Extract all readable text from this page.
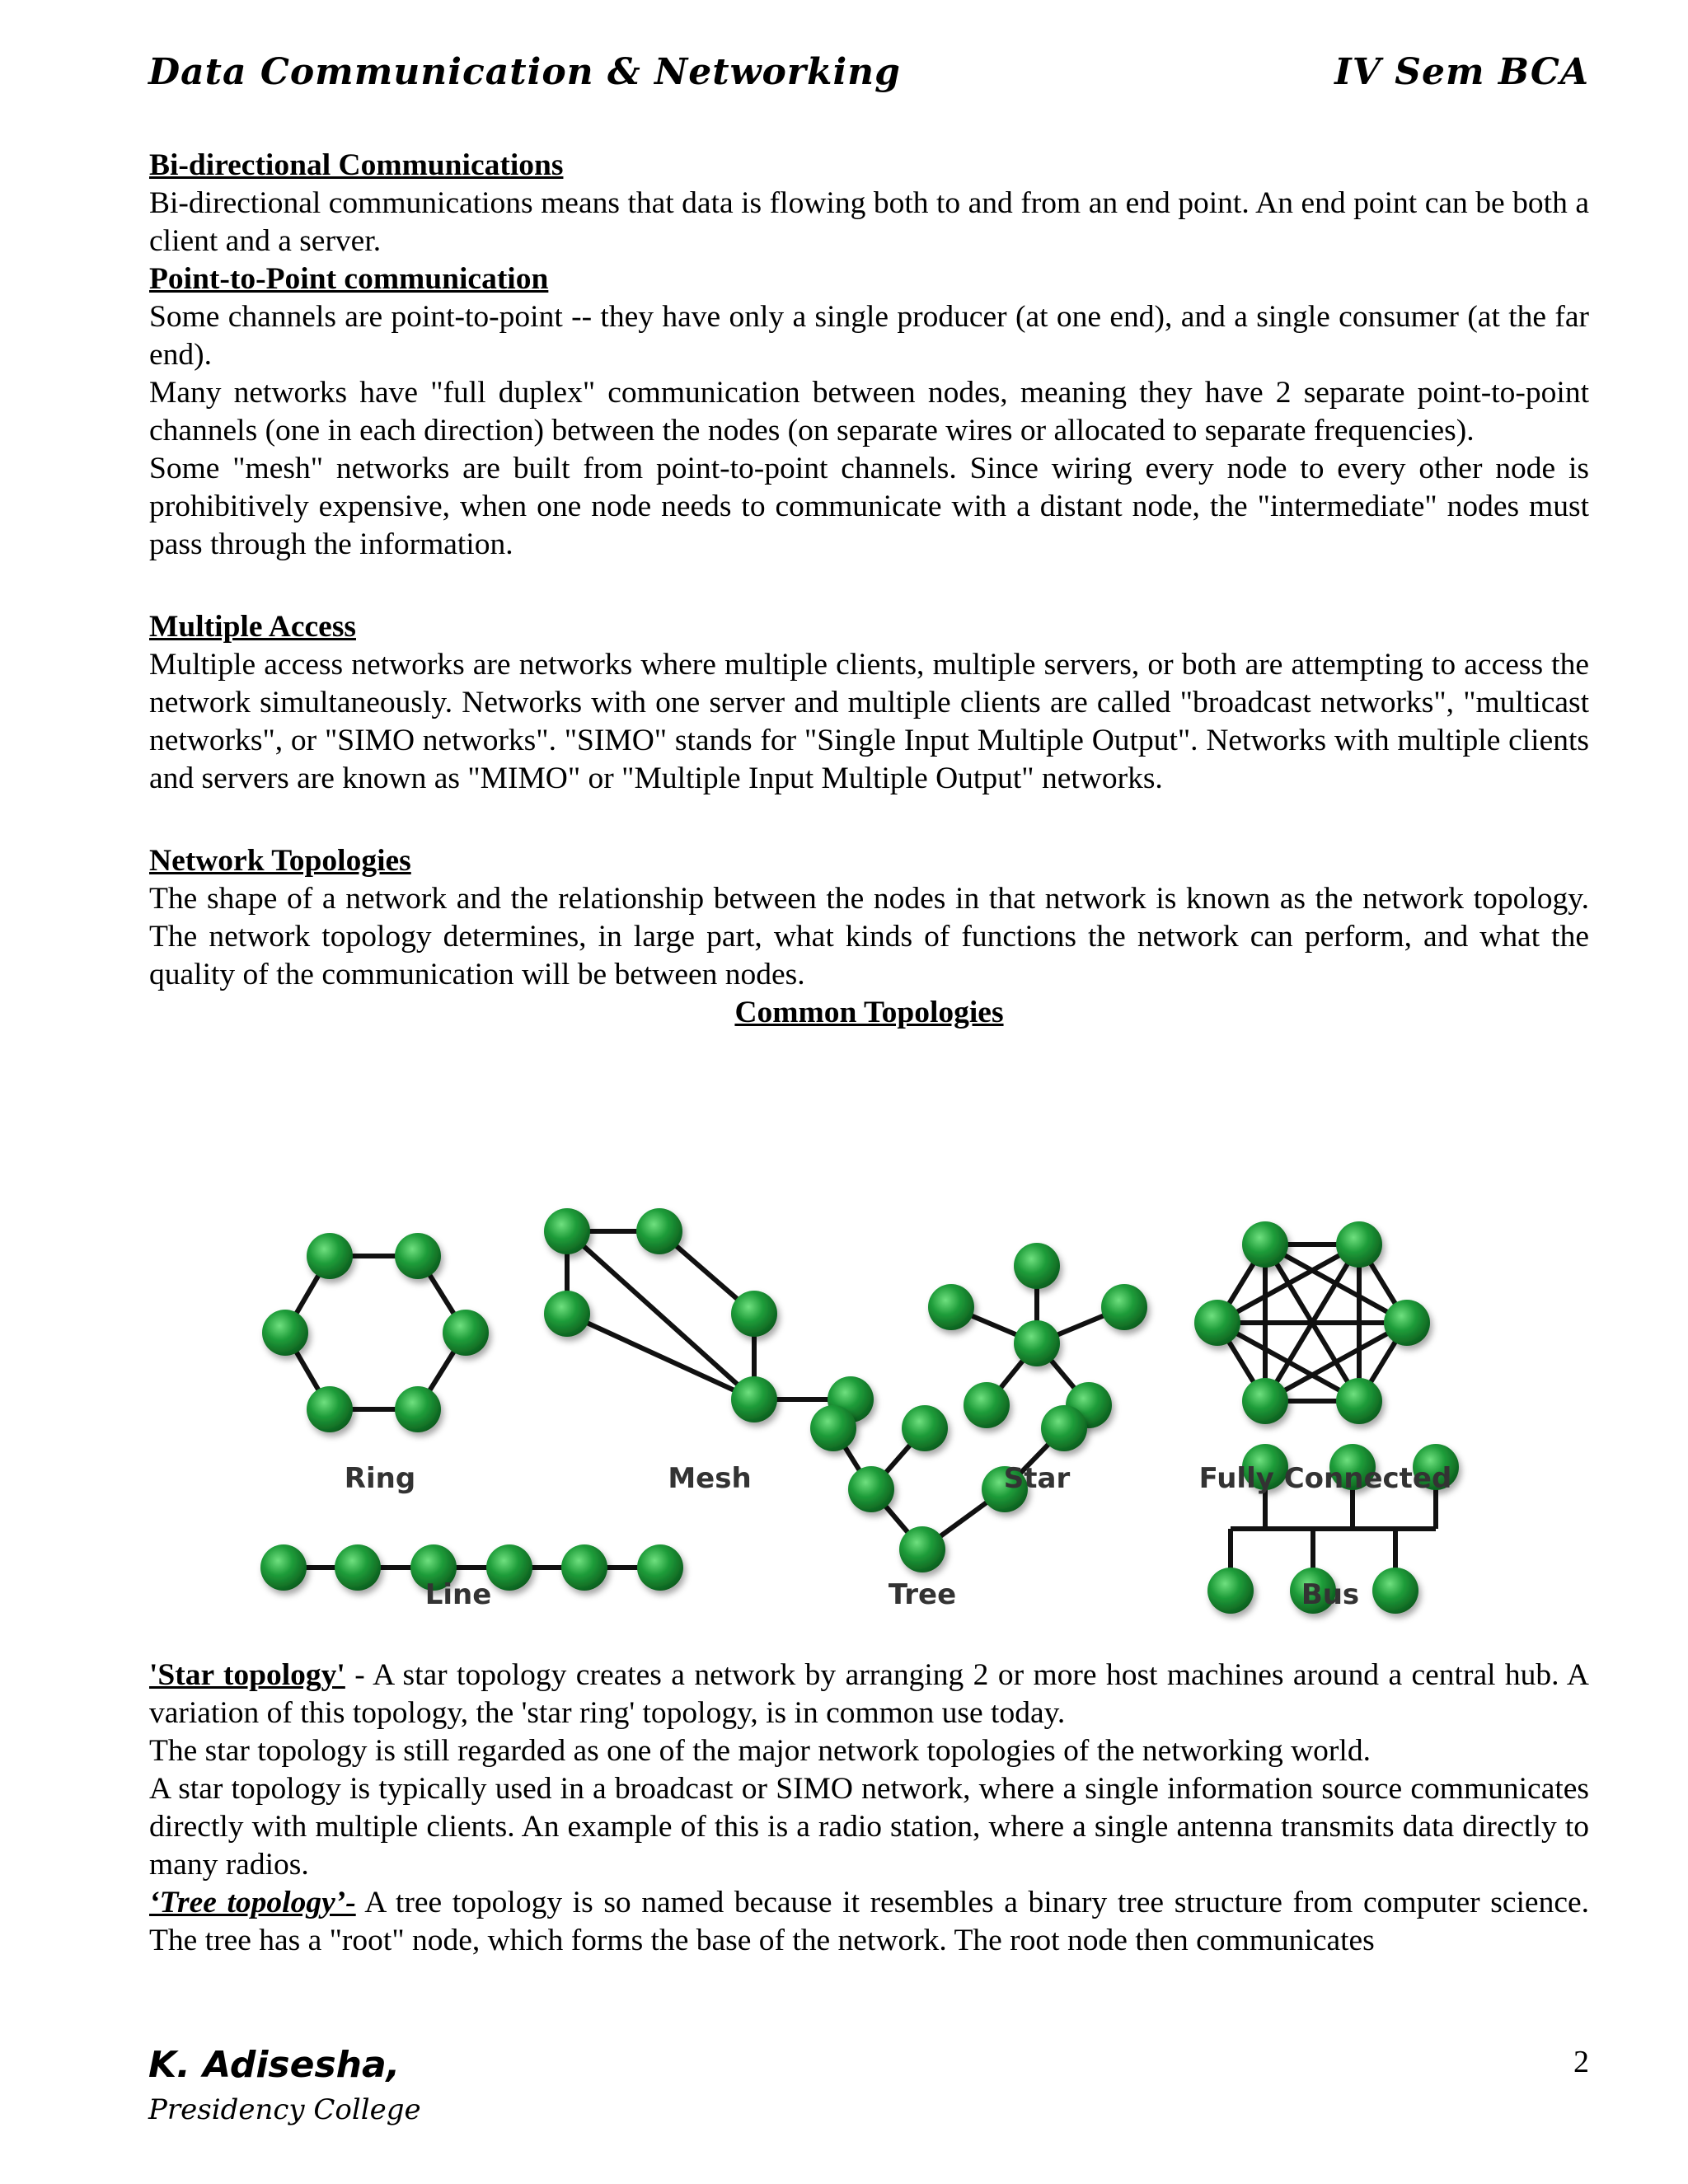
Data Communication & Networking	IV Sem BCA
Bi-directional Communications

Bi-directional communications means that data is flowing both to and from an end point. An end point can be both a client and a server.

Point-to-Point communication

Some channels are point-to-point -- they have only a single producer (at one end), and a single consumer (at the far end).

Many networks have "full duplex" communication between nodes, meaning they have 2 separate point-to-point channels (one in each direction) between the nodes (on separate wires or allocated to separate frequencies).

Some "mesh" networks are built from point-to-point channels. Since wiring every node to every other node is prohibitively expensive, when one node needs to communicate with a distant node, the "intermediate" nodes must pass through the information.

Multiple Access

Multiple access networks are networks where multiple clients, multiple servers, or both are attempting to access the network simultaneously. Networks with one server and multiple clients are called "broadcast networks", "multicast networks", or "SIMO networks". "SIMO" stands for "Single Input Multiple Output". Networks with multiple clients and servers are known as "MIMO" or "Multiple Input Multiple Output" networks.

Network Topologies

The shape of a network and the relationship between the nodes in that network is known as the network topology. The network topology determines, in large part, what kinds of functions the network can perform, and what the quality of the communication will be between nodes.

Common Topologies
Ring	Mesh	Star	Fully Connected
Line	Tree	Bus

'Star topology' - A star topology creates a network by arranging 2 or more host machines around a central hub. A variation of this topology, the 'star ring' topology, is in common use today.

The star topology is still regarded as one of the major network topologies of the networking world.

A star topology is typically used in a broadcast or SIMO network, where a single information source communicates directly with multiple clients. An example of this is a radio station, where a single antenna transmits data directly to many radios.

‘Tree topology’- A tree topology is so named because it resembles a binary tree structure from computer science. The tree has a "root" node, which forms the base of the network. The root node then communicates

K. Adisesha,
Presidency College
2
